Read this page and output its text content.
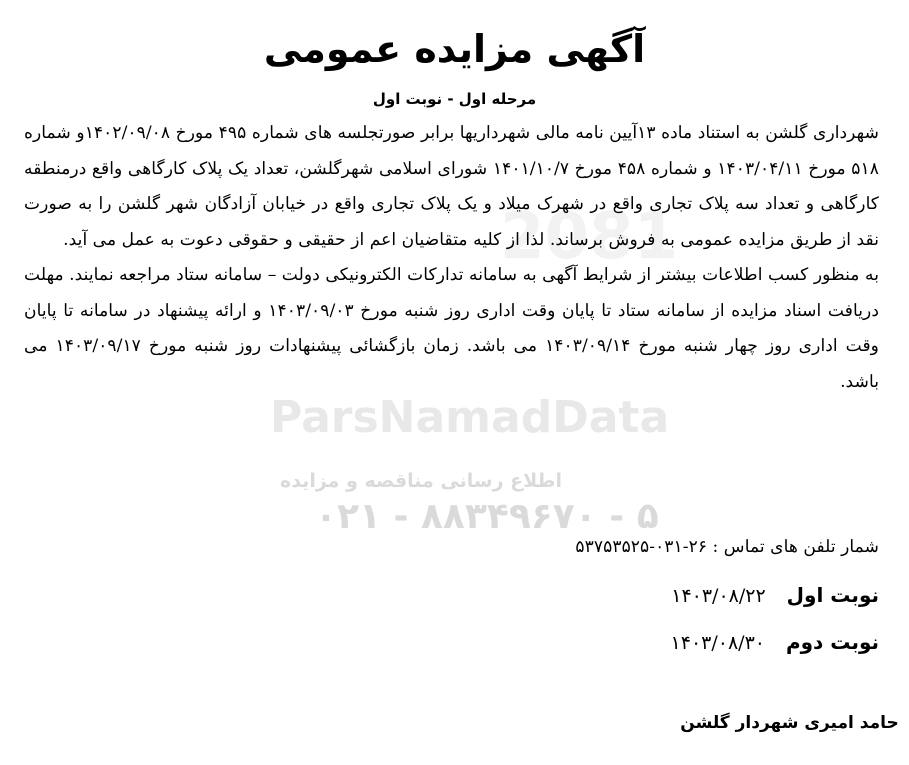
2081
ParsNamadData
اطلاع رسانی مناقصه و مزایده
۰۲۱ - ۸۸۳۴۹۶۷۰ - ۵
آگهی مزایده عمومی
مرحله اول - نوبت اول

شهرداری گلشن به استناد ماده ۱۳آیین نامه مالی شهرداریها برابر صورتجلسه های شماره ۴۹۵ مورخ ۱۴۰۲/۰۹/۰۸و شماره ۵۱۸ مورخ ۱۴۰۳/۰۴/۱۱ و شماره ۴۵۸ مورخ ۱۴۰۱/۱۰/۷ شورای اسلامی شهرگلشن، تعداد یک پلاک کارگاهی واقع درمنطقه کارگاهی و تعداد سه پلاک تجاری واقع در شهرک میلاد و یک پلاک تجاری واقع در خیابان آزادگان شهر گلشن را به صورت نقد از طریق مزایده عمومی به فروش برساند. لذا از کلیه متقاضیان اعم از حقیقی و حقوقی دعوت به عمل می آید.

به منظور کسب اطلاعات بیشتر از شرایط آگهی به سامانه تدارکات الکترونیکی دولت – سامانه ستاد مراجعه نمایند. مهلت دریافت اسناد مزایده از سامانه ستاد تا پایان وقت اداری روز شنبه مورخ ۱۴۰۳/۰۹/۰۳ و ارائه پیشنهاد در سامانه تا پایان وقت اداری روز چهار شنبه مورخ ۱۴۰۳/۰۹/۱۴ می باشد. زمان بازگشائی پیشنهادات روز شنبه مورخ ۱۴۰۳/۰۹/۱۷ می باشد.

شمار تلفن های تماس : ۲۶-۰۳۱-۵۳۷۵۳۵۲۵
نوبت اول ۱۴۰۳/۰۸/۲۲
نوبت دوم ۱۴۰۳/۰۸/۳۰
حامد امیری شهردار گلشن
